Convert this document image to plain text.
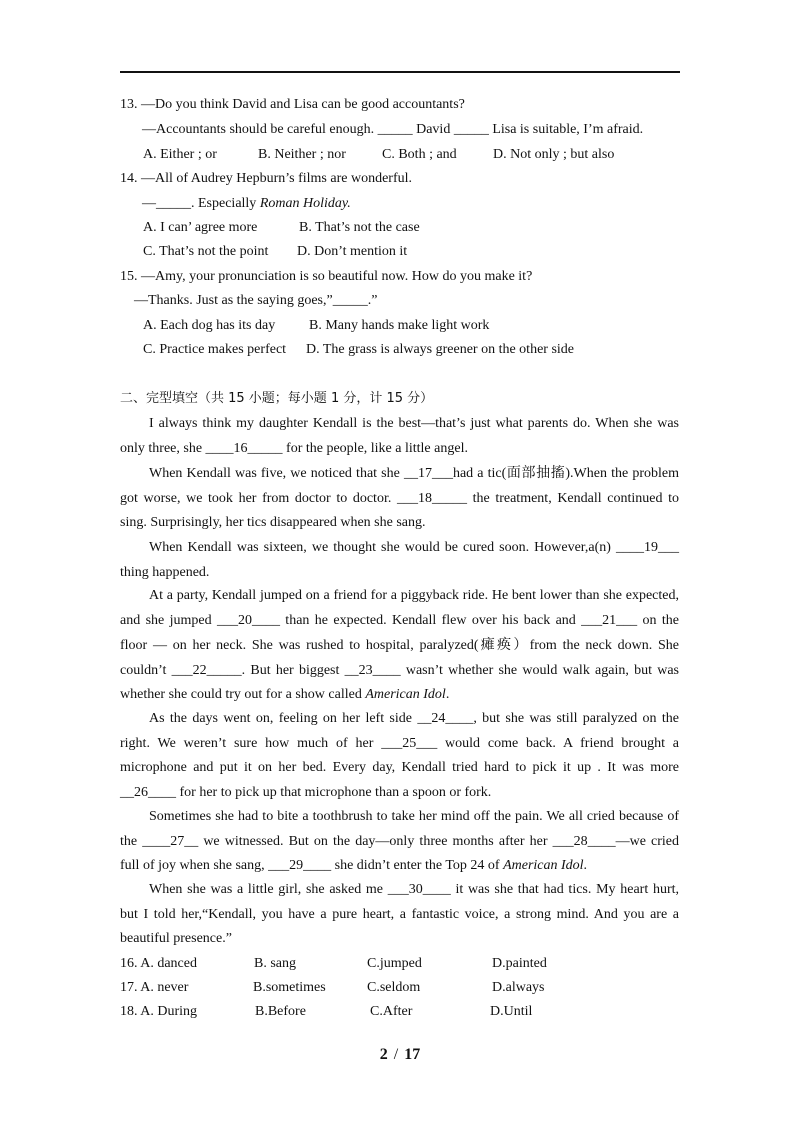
13. —Do you think David and Lisa can be good accountants?
—Accountants should be careful enough. _____ David _____ Lisa is suitable, I’m afraid.
A. Either ; or	B. Neither ; nor	C. Both ; and	D. Not only ; but also
14. —All of Audrey Hepburn’s films are wonderful.
—_____. Especially Roman Holiday.
A. I can’ agree more	B. That’s not the case
C. That’s not the point D. Don’t mention it
15. —Amy, your pronunciation is so beautiful now. How do you make it?
—Thanks. Just as the saying goes,”_____.”
A. Each dog has its day B. Many hands make light work
C. Practice makes perfect D. The grass is always greener on the other side
二、完型填空（共 15 小题；每小题 1 分，计 15 分）
I always think my daughter Kendall is the best—that’s just what parents do. When she was
only three, she ____16_____ for the people, like a little angel.
When Kendall was five, we noticed that she __17___had a tic(面部抽搐).When the problem
got worse, we took her from doctor to doctor. ___18_____ the treatment, Kendall continued to
sing. Surprisingly, her tics disappeared when she sang.
When Kendall was sixteen, we thought she would be cured soon. However,a(n) ____19___
thing happened.
At a party, Kendall jumped on a friend for a piggyback ride. He bent lower than she expected,
and she jumped ___20____ than he expected. Kendall flew over his back and ___21___ on the
floor — on her neck. She was rushed to hospital, paralyzed(瘫痪）from the neck down. She
couldn’t ___22_____. But her biggest __23____ wasn’t whether she would walk again, but was
whether she could try out for a show called American Idol.
As the days went on, feeling on her left side __24____, but she was still paralyzed on the
right. We weren’t sure how much of her ___25___ would come back. A friend brought a
microphone and put it on her bed. Every day, Kendall tried hard to pick it up . It was more
__26____ for her to pick up that microphone than a spoon or fork.
Sometimes she had to bite a toothbrush to take her mind off the pain. We all cried because of
the ____27__ we witnessed. But on the day—only three months after her ___28____—we cried
full of joy when she sang, ___29____ she didn’t enter the Top 24 of American Idol.
When she was a little girl, she asked me ___30____ it was she that had tics. My heart hurt,
but I told her,“Kendall, you have a pure heart, a fantastic voice, a strong mind. And you are a
beautiful presence.”
16. A. danced	B. sang	C.jumped	D.painted
17. A. never	B.sometimes	C.seldom	D.always
18. A. During	B.Before	C.After	D.Until
2 / 17
